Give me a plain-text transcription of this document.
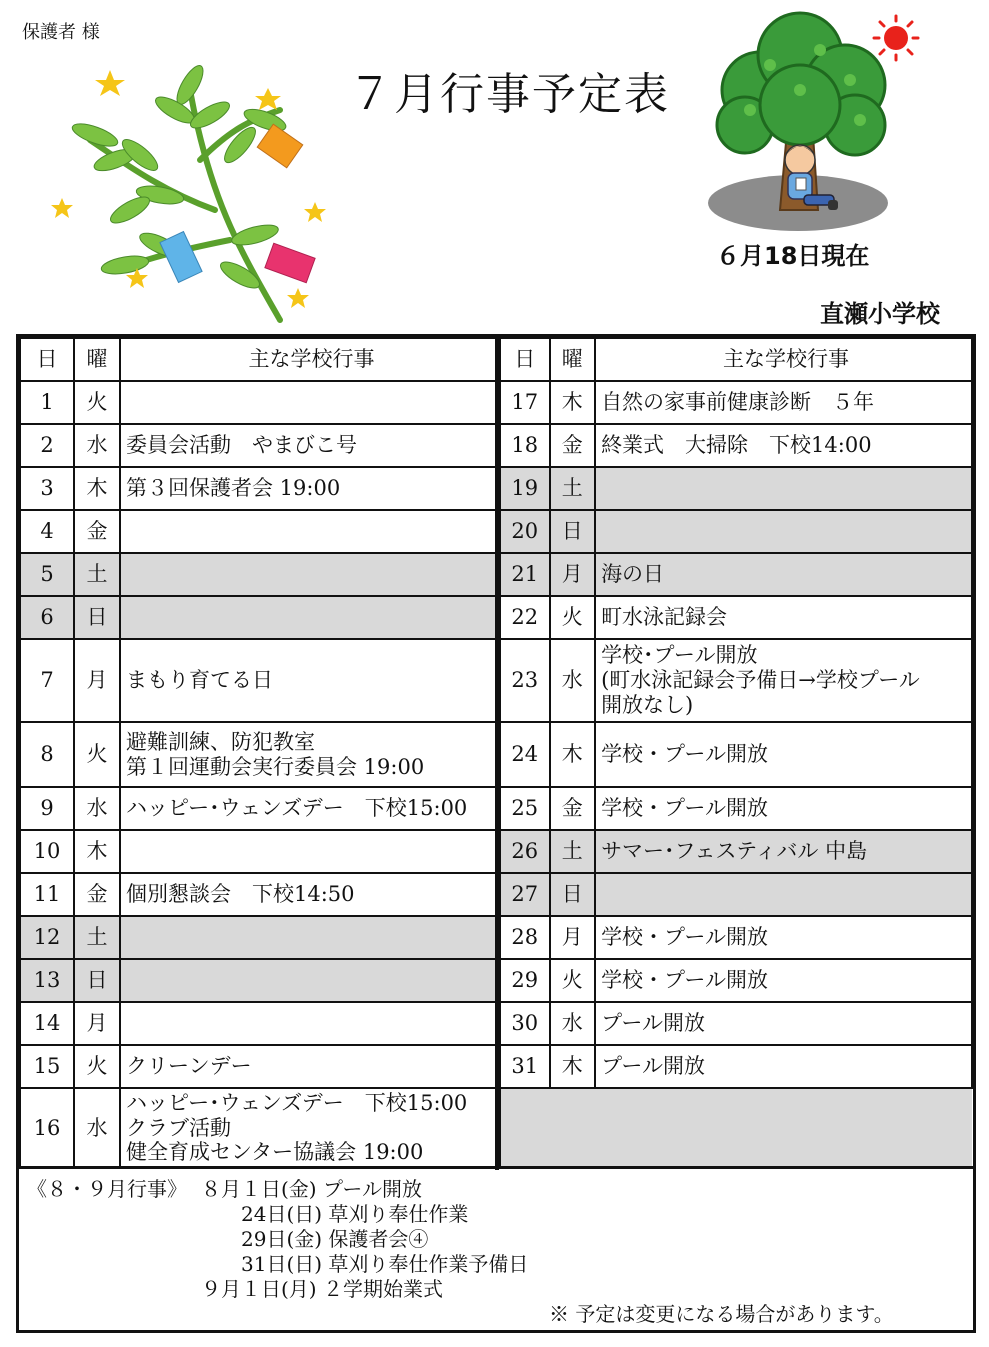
保護者 様
７月行事予定表
６月18日現在
直瀬小学校
日	曜	主な学校行事
1	火	

2	水	委員会活動　やまびこ号

3	木	第３回保護者会 19:00

4	金	

5	土	

6	日	

7	月	まもり育てる日

8	火	避難訓練、防犯教室
第１回運動会実行委員会 19:00

9	水	ハッピー･ウェンズデー　下校15:00

10	木	

11	金	個別懇談会　下校14:50

12	土	

13	日	

14	月	

15	火	クリーンデー

16	水	ハッピー･ウェンズデー　下校15:00
クラブ活動
健全育成センター協議会 19:00
日	曜	主な学校行事
17	木	自然の家事前健康診断　５年

18	金	終業式　大掃除　下校14:00

19	土	

20	日	

21	月	海の日

22	火	町水泳記録会

23	水	学校･プール開放
(町水泳記録会予備日→学校プール
開放なし)

24	木	学校・プール開放

25	金	学校・プール開放

26	土	サマー･フェスティバル 中島

27	日	

28	月	学校・プール開放

29	火	学校・プール開放

30	水	プール開放

31	木	プール開放

《８・９月行事》 ８月１日(金) プール開放
24日(日) 草刈り奉仕作業
29日(金) 保護者会④
31日(日) 草刈り奉仕作業予備日
９月１日(月) ２学期始業式
※ 予定は変更になる場合があります。
